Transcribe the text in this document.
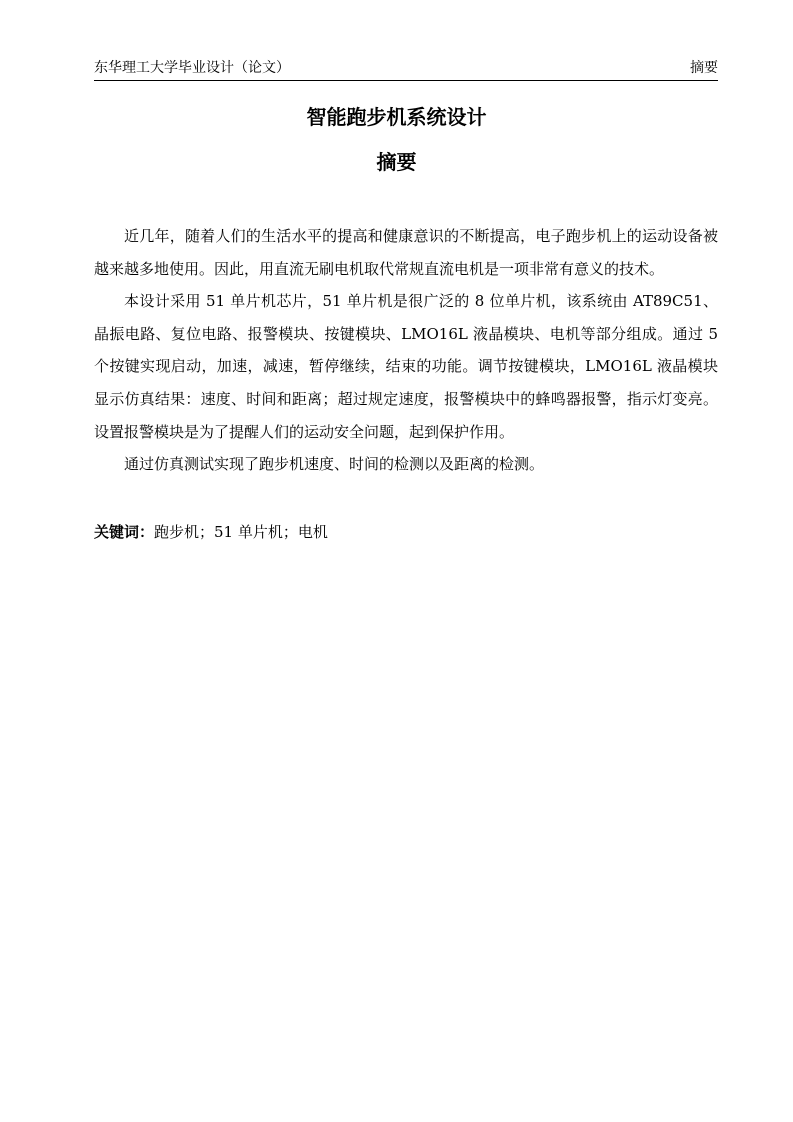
东华理工大学毕业设计（论文）	摘要
智能跑步机系统设计
摘要

近几年，随着人们的生活水平的提高和健康意识的不断提高，电子跑步机上的运动设备被越来越多地使用。因此，用直流无刷电机取代常规直流电机是一项非常有意义的技术。

本设计采用 51 单片机芯片，51 单片机是很广泛的 8 位单片机，该系统由 AT89C51、晶振电路、复位电路、报警模块、按键模块、LMO16L 液晶模块、电机等部分组成。通过 5 个按键实现启动，加速，减速，暂停继续，结束的功能。调节按键模块，LMO16L 液晶模块显示仿真结果：速度、时间和距离；超过规定速度，报警模块中的蜂鸣器报警，指示灯变亮。设置报警模块是为了提醒人们的运动安全问题，起到保护作用。

通过仿真测试实现了跑步机速度、时间的检测以及距离的检测。

关键词：跑步机；51 单片机；电机
